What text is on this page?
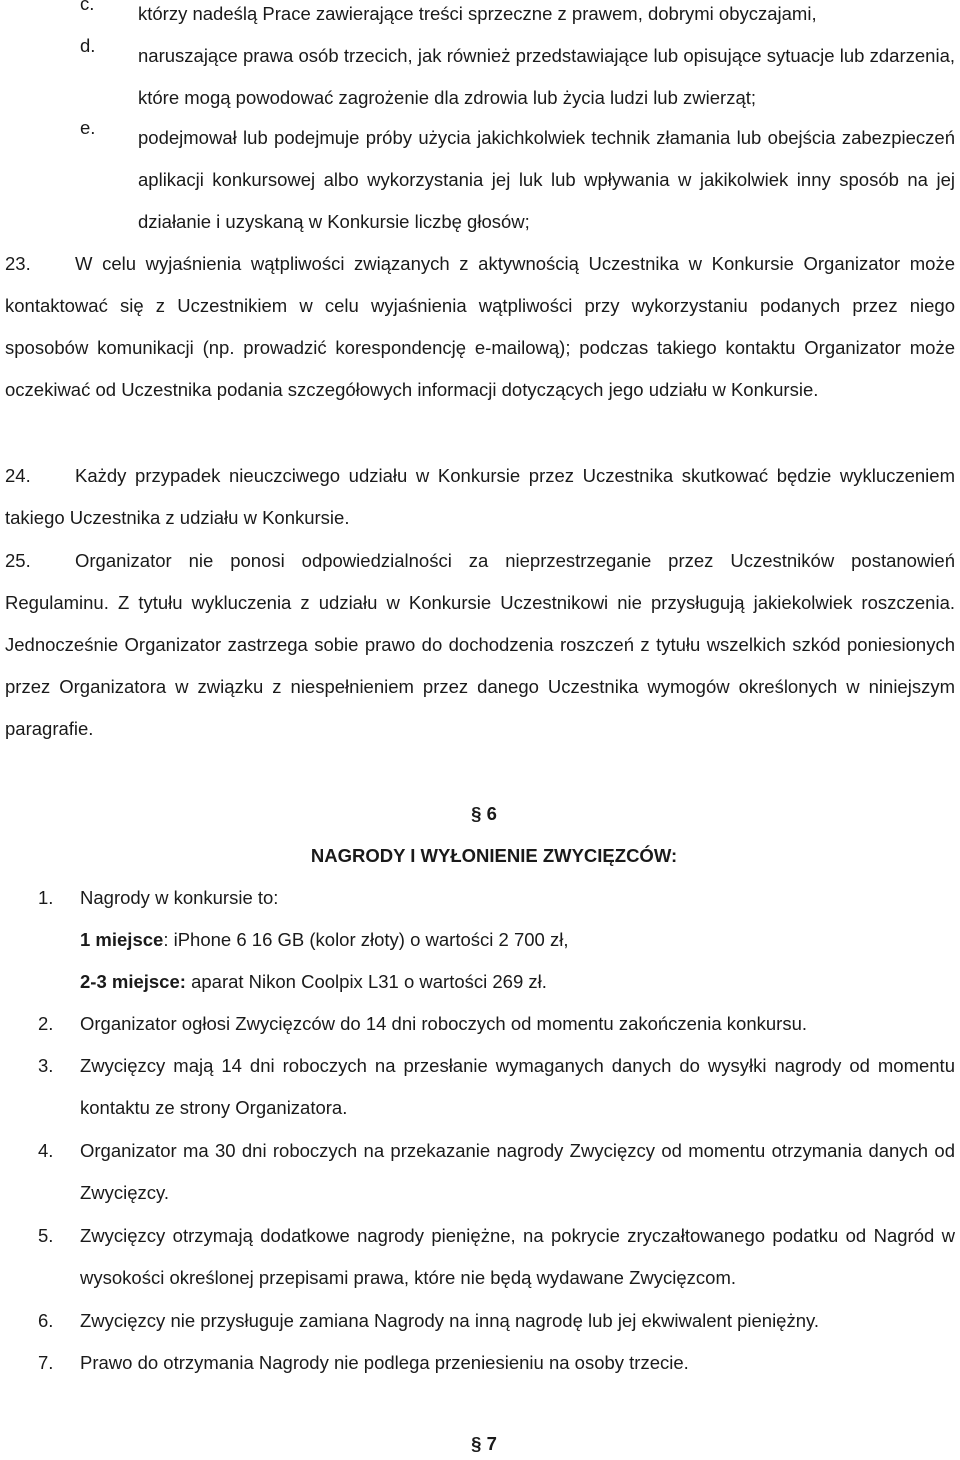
c. którzy nadeślą Prace zawierające treści sprzeczne z prawem, dobrymi obyczajami,
d. naruszające prawa osób trzecich, jak również przedstawiające lub opisujące sytuacje lub zdarzenia, które mogą powodować zagrożenie dla zdrowia lub życia ludzi lub zwierząt;
e. podejmował lub podejmuje próby użycia jakichkolwiek technik złamania lub obejścia zabezpieczeń aplikacji konkursowej albo wykorzystania jej luk lub wpływania w jakikolwiek inny sposób na jej działanie i uzyskaną w Konkursie liczbę głosów;
23. W celu wyjaśnienia wątpliwości związanych z aktywnością Uczestnika w Konkursie Organizator może kontaktować się z Uczestnikiem w celu wyjaśnienia wątpliwości przy wykorzystaniu podanych przez niego sposobów komunikacji (np. prowadzić korespondencję e-mailową); podczas takiego kontaktu Organizator może oczekiwać od Uczestnika podania szczegółowych informacji dotyczących jego udziału w Konkursie.
24. Każdy przypadek nieuczciwego udziału w Konkursie przez Uczestnika skutkować będzie wykluczeniem takiego Uczestnika z udziału w Konkursie.
25. Organizator nie ponosi odpowiedzialności za nieprzestrzeganie przez Uczestników postanowień Regulaminu. Z tytułu wykluczenia z udziału w Konkursie Uczestnikowi nie przysługują jakiekolwiek roszczenia. Jednocześnie Organizator zastrzega sobie prawo do dochodzenia roszczeń z tytułu wszelkich szkód poniesionych przez Organizatora w związku z niespełnieniem przez danego Uczestnika wymogów określonych w niniejszym paragrafie.
§ 6
NAGRODY I WYŁONIENIE ZWYCIĘZCÓW:
1. Nagrody w konkursie to:
1 miejsce: iPhone 6 16 GB (kolor złoty) o wartości 2 700 zł,
2-3 miejsce: aparat Nikon Coolpix L31 o wartości 269 zł.
2. Organizator ogłosi Zwycięzców do 14 dni roboczych od momentu zakończenia konkursu.
3. Zwycięzcy mają 14 dni roboczych na przesłanie wymaganych danych do wysyłki nagrody od momentu kontaktu ze strony Organizatora.
4. Organizator ma 30 dni roboczych na przekazanie nagrody Zwycięzcy od momentu otrzymania danych od Zwycięzcy.
5. Zwycięzcy otrzymają dodatkowe nagrody pieniężne, na pokrycie zryczałtowanego podatku od Nagród w wysokości określonej przepisami prawa, które nie będą wydawane Zwycięzcom.
6. Zwycięzcy nie przysługuje zamiana Nagrody na inną nagrodę lub jej ekwiwalent pieniężny.
7. Prawo do otrzymania Nagrody nie podlega przeniesieniu na osoby trzecie.
§ 7
